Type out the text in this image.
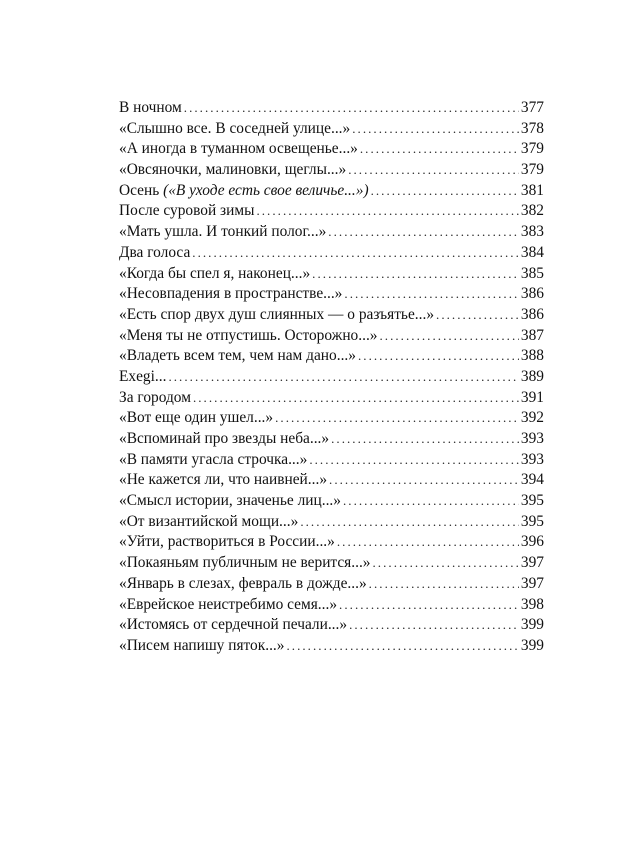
В ночном . . .	377
«Слышно все. В соседней улице...» . . .	378
«А иногда в туманном освещенье...» . . .	379
«Овсяночки, малиновки, щеглы...» . . .	379
Осень («В уходе есть свое величье...») . . .	381
После суровой зимы . . .	382
«Мать ушла. И тонкий полог...» . . .	383
Два голоса . . .	384
«Когда бы спел я, наконец...» . . .	385
«Несовпадения в пространстве...» . . .	386
«Есть спор двух душ слиянных — о разъятье...» . . .	386
«Меня ты не отпустишь. Осторожно...» . . .	387
«Владеть всем тем, чем нам дано...» . . .	388
Exegi... . . .	389
За городом . . .	391
«Вот еще один ушел...» . . .	392
«Вспоминай про звезды неба...» . . .	393
«В памяти угасла строчка...» . . .	393
«Не кажется ли, что наивней...» . . .	394
«Смысл истории, значенье лиц...» . . .	395
«От византийской мощи...» . . .	395
«Уйти, раствориться в России...» . . .	396
«Покаяньям публичным не верится...» . . .	397
«Январь в слезах, февраль в дожде...» . . .	397
«Еврейское неистребимо семя...» . . .	398
«Истомясь от сердечной печали...» . . .	399
«Писем напишу пяток...» . . .	399
